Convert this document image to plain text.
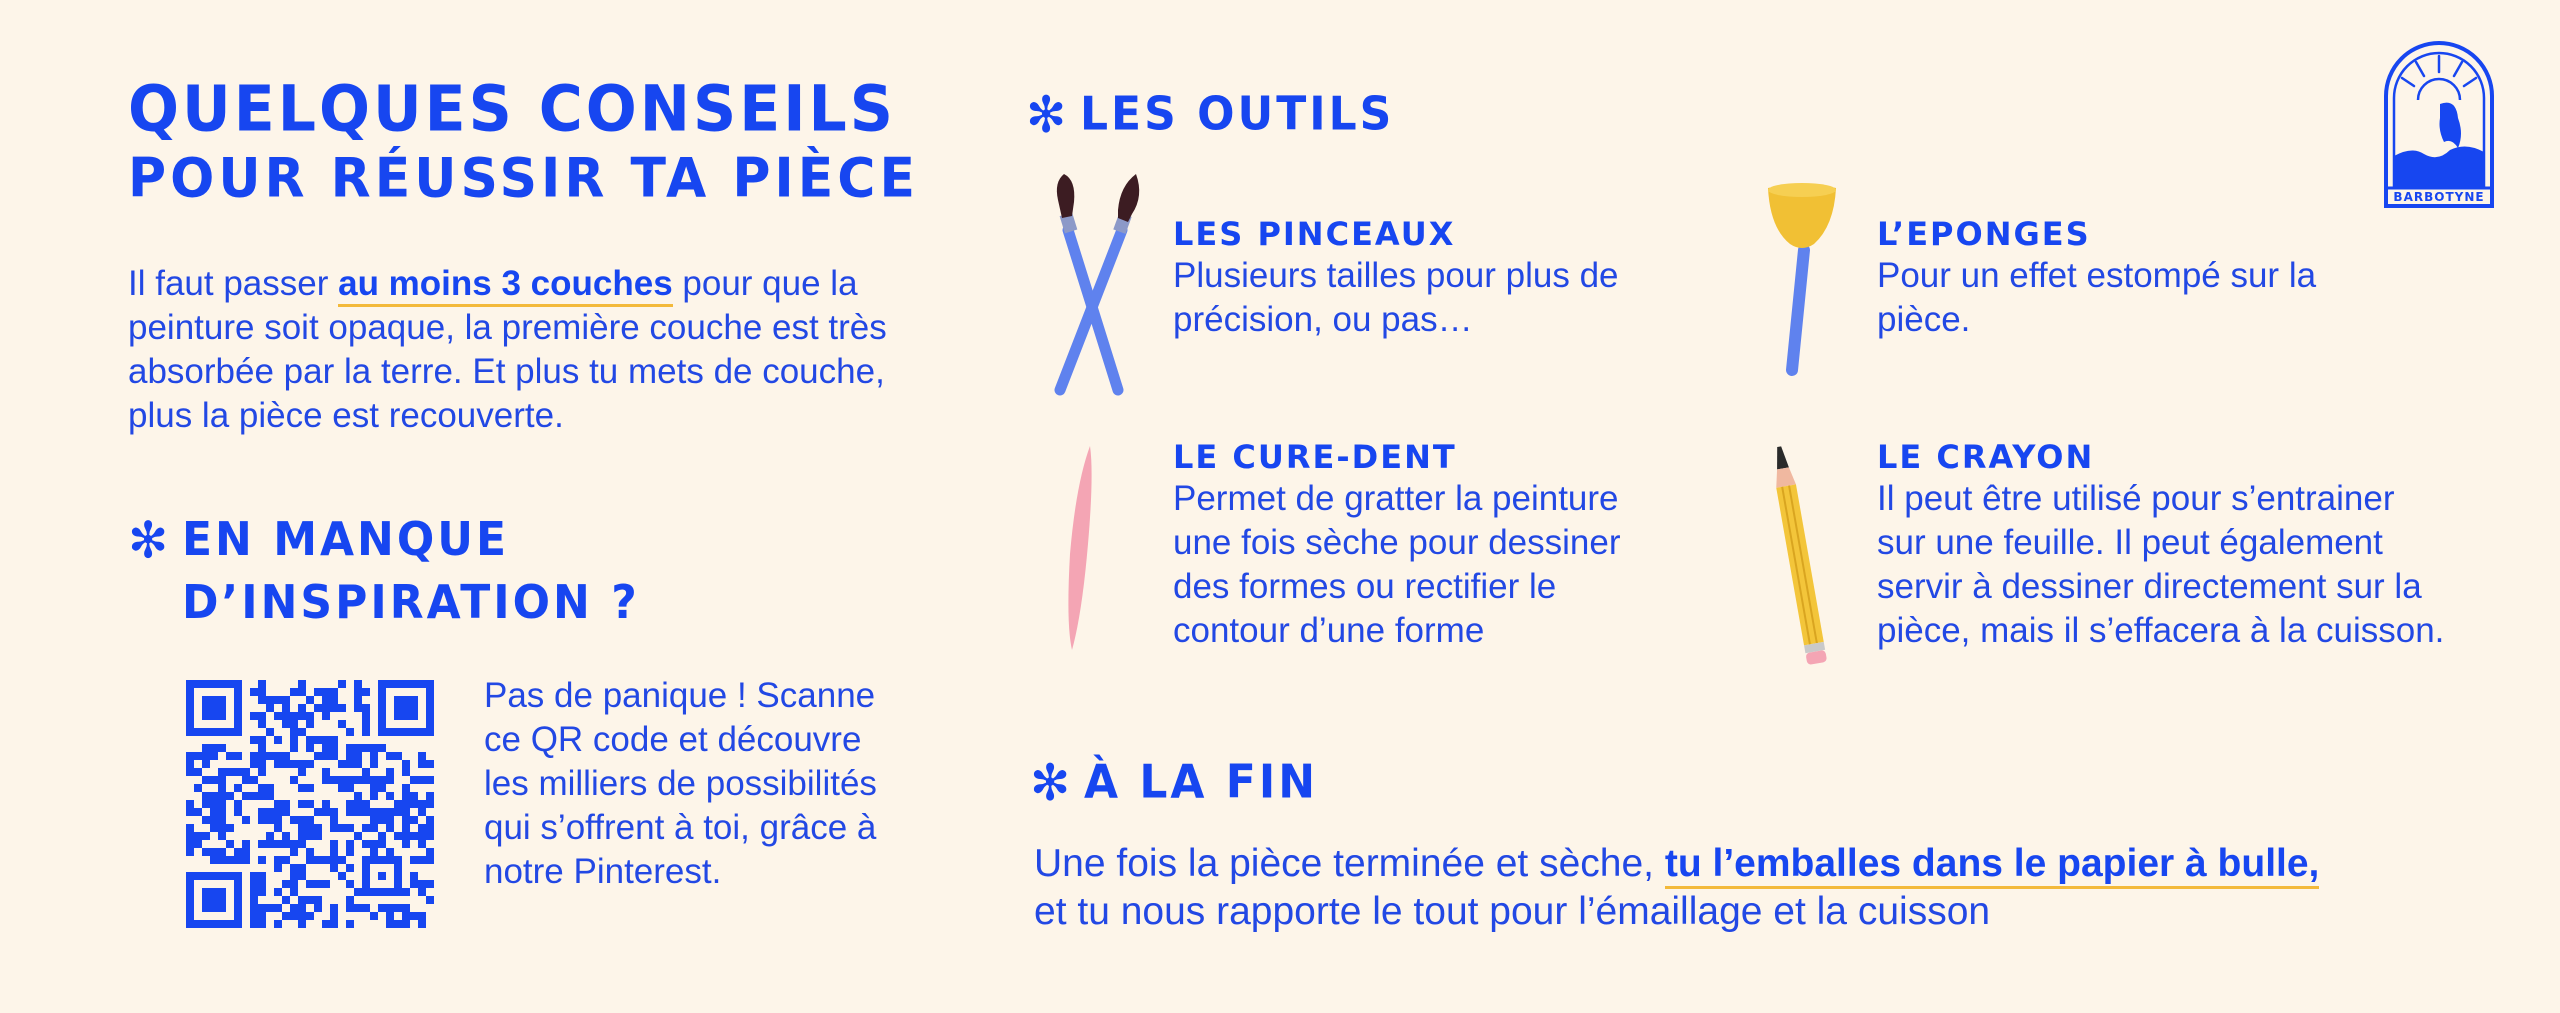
QUELQUES CONSEILS
POUR RÉUSSIR TA PIÈCE
Il faut passer au moins 3 couches pour que la peinture soit opaque, la première couche est très absorbée par la terre. Et plus tu mets de couche, plus la pièce est recouverte.
✻ EN MANQUE
D’INSPIRATION ?
Pas de panique ! Scanne ce QR code et découvre les milliers de possibilités qui s’offrent à toi, grâce à notre Pinterest.
✻ LES OUTILS
LES PINCEAUX
Plusieurs tailles pour plus de précision, ou pas…
L’EPONGES
Pour un effet estompé sur la pièce.
LE CURE-DENT
Permet de gratter la peinture une fois sèche pour dessiner des formes ou rectifier le contour d’une forme
LE CRAYON
Il peut être utilisé pour s’entrainer sur une feuille. Il peut également servir à dessiner directement sur la pièce, mais il s’effacera à la cuisson.
✻ À LA FIN
Une fois la pièce terminée et sèche, tu l’emballes dans le papier à bulle,
et tu nous rapporte le tout pour l’émaillage et la cuisson
BARBOTYNE
